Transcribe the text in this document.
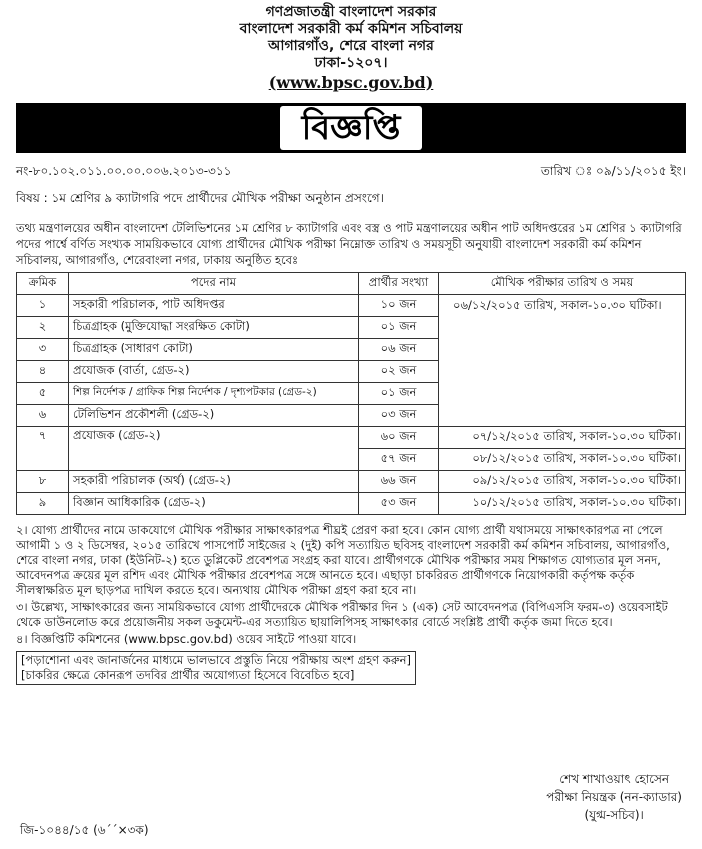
গণপ্রজাতন্ত্রী বাংলাদেশ সরকার
বাংলাদেশ সরকারী কর্ম কমিশন সচিবালয়
আগারগাঁও, শেরে বাংলা নগর
ঢাকা-১২০৭।
(www.bpsc.gov.bd)
বিজ্ঞপ্তি
নং-৮০.১০২.০১১.০০.০০.০০৬.২০১৩-৩১১	তারিখ ঃ ০৯/১১/২০১৫ ইং।
বিষয় : ১ম শ্রেণির ৯ ক্যাটাগরি পদে প্রার্থীদের মৌখিক পরীক্ষা অনুষ্ঠান প্রসংগে।
তথ্য মন্ত্রণালয়ের অধীন বাংলাদেশ টেলিভিশনের ১ম শ্রেণির ৮ ক্যাটাগরি এবং বস্ত্র ও পাট মন্ত্রণালয়ের অধীন পাট অধিদপ্তরের ১ম শ্রেণির ১ ক্যাটাগরি পদের পার্শ্বে বর্ণিত সংখ্যক সাময়িকভাবে যোগ্য প্রার্থীদের মৌখিক পরীক্ষা নিম্নোক্ত তারিখ ও সময়সূচী অনুযায়ী বাংলাদেশ সরকারী কর্ম কমিশন সচিবালয়, আগারগাঁও, শেরেবাংলা নগর, ঢাকায় অনুষ্ঠিত হবেঃ
ক্রমিক	পদের নাম	প্রার্থীর সংখ্যা	মৌখিক পরীক্ষার তারিখ ও সময়
১	সহকারী পরিচালক, পাট অধিদপ্তর	১০ জন	০৬/১২/২০১৫ তারিখ, সকাল-১০.৩০ ঘটিকা।

২	চিত্রগ্রাহক (মুক্তিযোদ্ধা সংরক্ষিত কোটা)	০১ জন	
৩	চিত্রগ্রাহক (সাধারণ কোটা)	০৬ জন	
৪	প্রযোজক (বার্তা, গ্রেড-২)	০২ জন	
৫	শিল্প নির্দেশক / গ্রাফিক শিল্প নির্দেশক / দৃশ্যপটকার (গ্রেড-২)	০১ জন	
৬	টেলিভিশন প্রকৌশলী (গ্রেড-২)	০৩ জন	
৭	প্রযোজক (গ্রেড-২)	৬০ জন	০৭/১২/২০১৫ তারিখ, সকাল-১০.৩০ ঘটিকা।
		৫৭ জন	০৮/১২/২০১৫ তারিখ, সকাল-১০.৩০ ঘটিকা।
৮	সহকারী পরিচালক (অর্থ) (গ্রেড-২)	৬৬ জন	০৯/১২/২০১৫ তারিখ, সকাল-১০.৩০ ঘটিকা।
৯	বিজ্ঞান আধিকারিক (গ্রেড-২)	৫৩ জন	১০/১২/২০১৫ তারিখ, সকাল-১০.৩০ ঘটিকা।
২। যোগ্য প্রার্থীদের নামে ডাকযোগে মৌখিক পরীক্ষার সাক্ষাৎকারপত্র শীঘ্রই প্রেরণ করা হবে। কোন যোগ্য প্রার্থী যথাসময়ে সাক্ষাৎকারপত্র না পেলে আগামী ১ ও ২ ডিসেম্বর, ২০১৫ তারিখে পাসপোর্ট সাইজের ২ (দুই) কপি সত্যায়িত ছবিসহ বাংলাদেশ সরকারী কর্ম কমিশন সচিবালয়, আগারগাঁও, শেরে বাংলা নগর, ঢাকা (ইউনিট-২) হতে ডুপ্লিকেট প্রবেশপত্র সংগ্রহ করা যাবে। প্রার্থীগণকে মৌখিক পরীক্ষার সময় শিক্ষাগত যোগ্যতার মূল সনদ, আবেদনপত্র ক্রয়ের মূল রশিদ এবং মৌখিক পরীক্ষার প্রবেশপত্র সঙ্গে আনতে হবে। এছাড়া চাকরিরত প্রার্থীগণকে নিয়োগকারী কর্তৃপক্ষ কর্তৃক সীলস্বাক্ষরিত মূল ছাড়পত্র দাখিল করতে হবে। অন্যথায় মৌখিক পরীক্ষা গ্রহণ করা হবে না।
৩। উল্লেখ্য, সাক্ষাৎকারের জন্য সাময়িকভাবে যোগ্য প্রার্থীদেরকে মৌখিক পরীক্ষার দিন ১ (এক) সেট আবেদনপত্র (বিপিএসসি ফরম-৩) ওয়েবসাইট থেকে ডাউনলোড করে প্রয়োজনীয় সকল ডকুমেন্ট-এর সত্যায়িত ছায়ালিপিসহ সাক্ষাৎকার বোর্ডে সংশ্লিষ্ট প্রার্থী কর্তৃক জমা দিতে হবে।
৪। বিজ্ঞপ্তিটি কমিশনের (www.bpsc.gov.bd) ওয়েব সাইটে পাওয়া যাবে।
[পড়াশোনা এবং জানার্জনের মাধ্যমে ভালভাবে প্রস্তুতি নিয়ে পরীক্ষায় অংশ গ্রহণ করুন]
[চাকরির ক্ষেত্রে কোনরূপ তদবির প্রার্থীর অযোগ্যতা হিসেবে বিবেচিত হবে]
শেখ শাখাওয়াৎ হোসেন
পরীক্ষা নিয়ন্ত্রক (নন-ক্যাডার)
(যুগ্ম-সচিব)।
জি-১০৪৪/১৫ (৬´´×৩ক)
